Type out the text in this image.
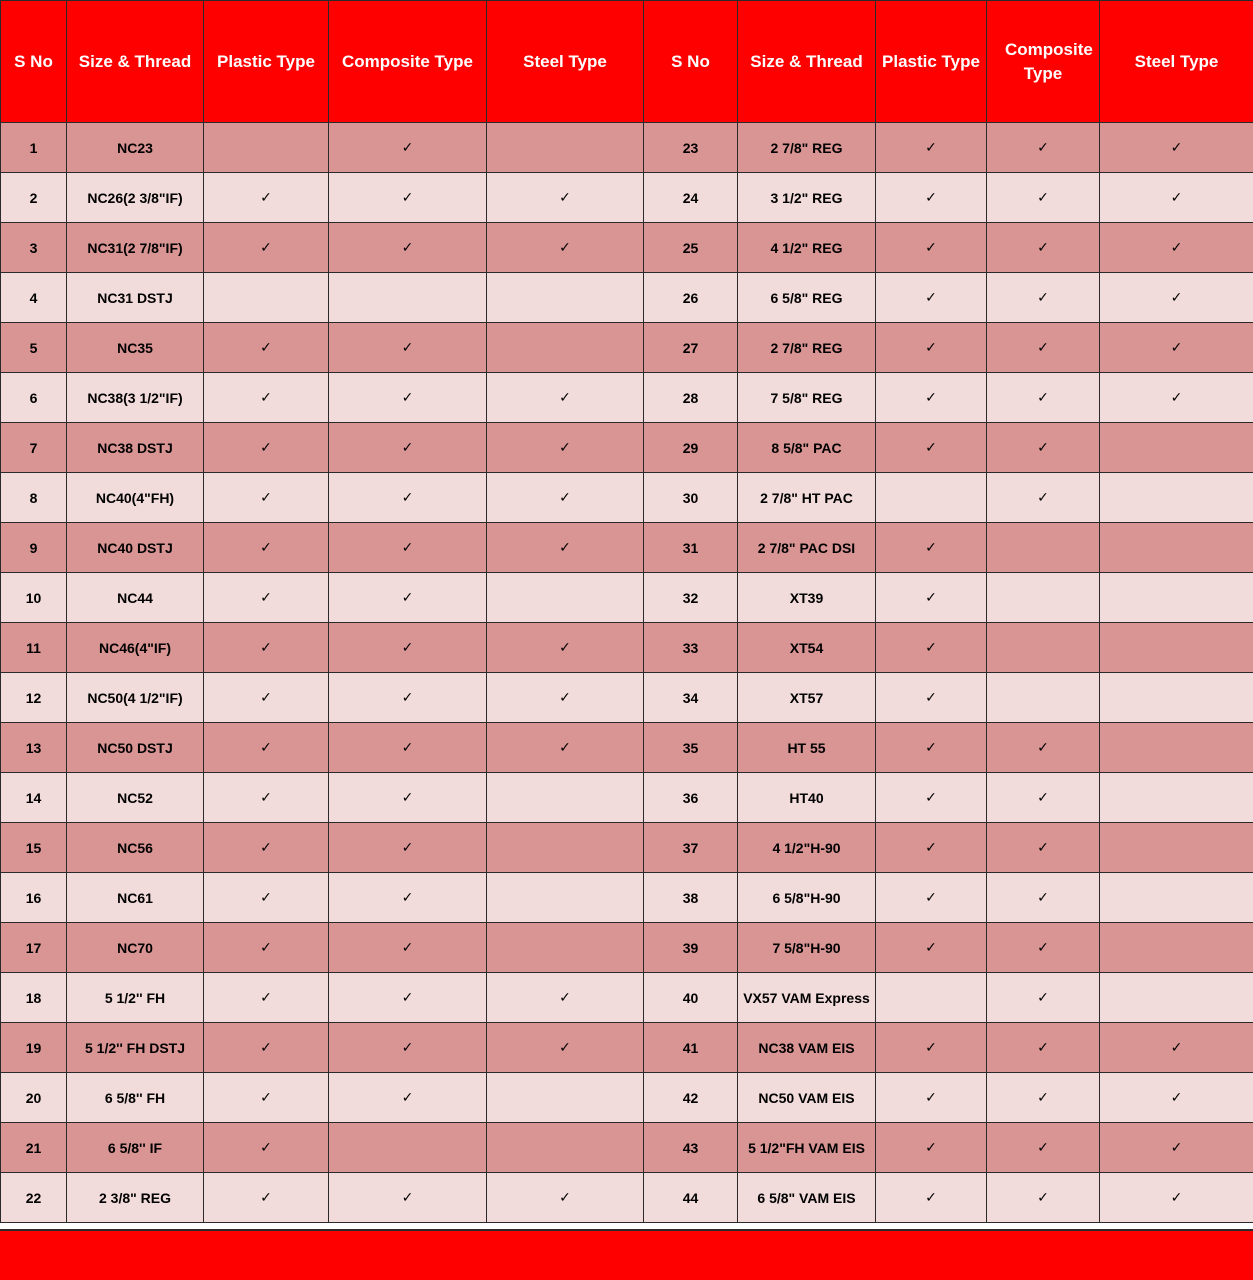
S No	Size & Thread	Plastic Type	Composite Type	Steel Type	S No	Size & Thread	Plastic Type	Composite Type	Steel Type
1	NC23		✓		23	2 7/8" REG	✓	✓	✓
2	NC26(2 3/8"IF)	✓	✓	✓	24	3 1/2" REG	✓	✓	✓
3	NC31(2 7/8"IF)	✓	✓	✓	25	4 1/2" REG	✓	✓	✓
4	NC31 DSTJ				26	6 5/8" REG	✓	✓	✓
5	NC35	✓	✓		27	2 7/8" REG	✓	✓	✓
6	NC38(3 1/2"IF)	✓	✓	✓	28	7 5/8" REG	✓	✓	✓
7	NC38 DSTJ	✓	✓	✓	29	8 5/8" PAC	✓	✓	
8	NC40(4"FH)	✓	✓	✓	30	2 7/8" HT PAC		✓	
9	NC40 DSTJ	✓	✓	✓	31	2 7/8" PAC DSI	✓		
10	NC44	✓	✓		32	XT39	✓		
11	NC46(4"IF)	✓	✓	✓	33	XT54	✓		
12	NC50(4 1/2"IF)	✓	✓	✓	34	XT57	✓		
13	NC50 DSTJ	✓	✓	✓	35	HT 55	✓	✓	
14	NC52	✓	✓		36	HT40	✓	✓	
15	NC56	✓	✓		37	4 1/2"H-90	✓	✓	
16	NC61	✓	✓		38	6 5/8"H-90	✓	✓	
17	NC70	✓	✓		39	7 5/8"H-90	✓	✓	
18	5 1/2'' FH	✓	✓	✓	40	VX57 VAM Express		✓	
19	5 1/2'' FH DSTJ	✓	✓	✓	41	NC38 VAM EIS	✓	✓	✓
20	6 5/8'' FH	✓	✓		42	NC50 VAM EIS	✓	✓	✓
21	6 5/8'' IF	✓			43	5 1/2"FH VAM EIS	✓	✓	✓
22	2 3/8" REG	✓	✓	✓	44	6 5/8" VAM EIS	✓	✓	✓
